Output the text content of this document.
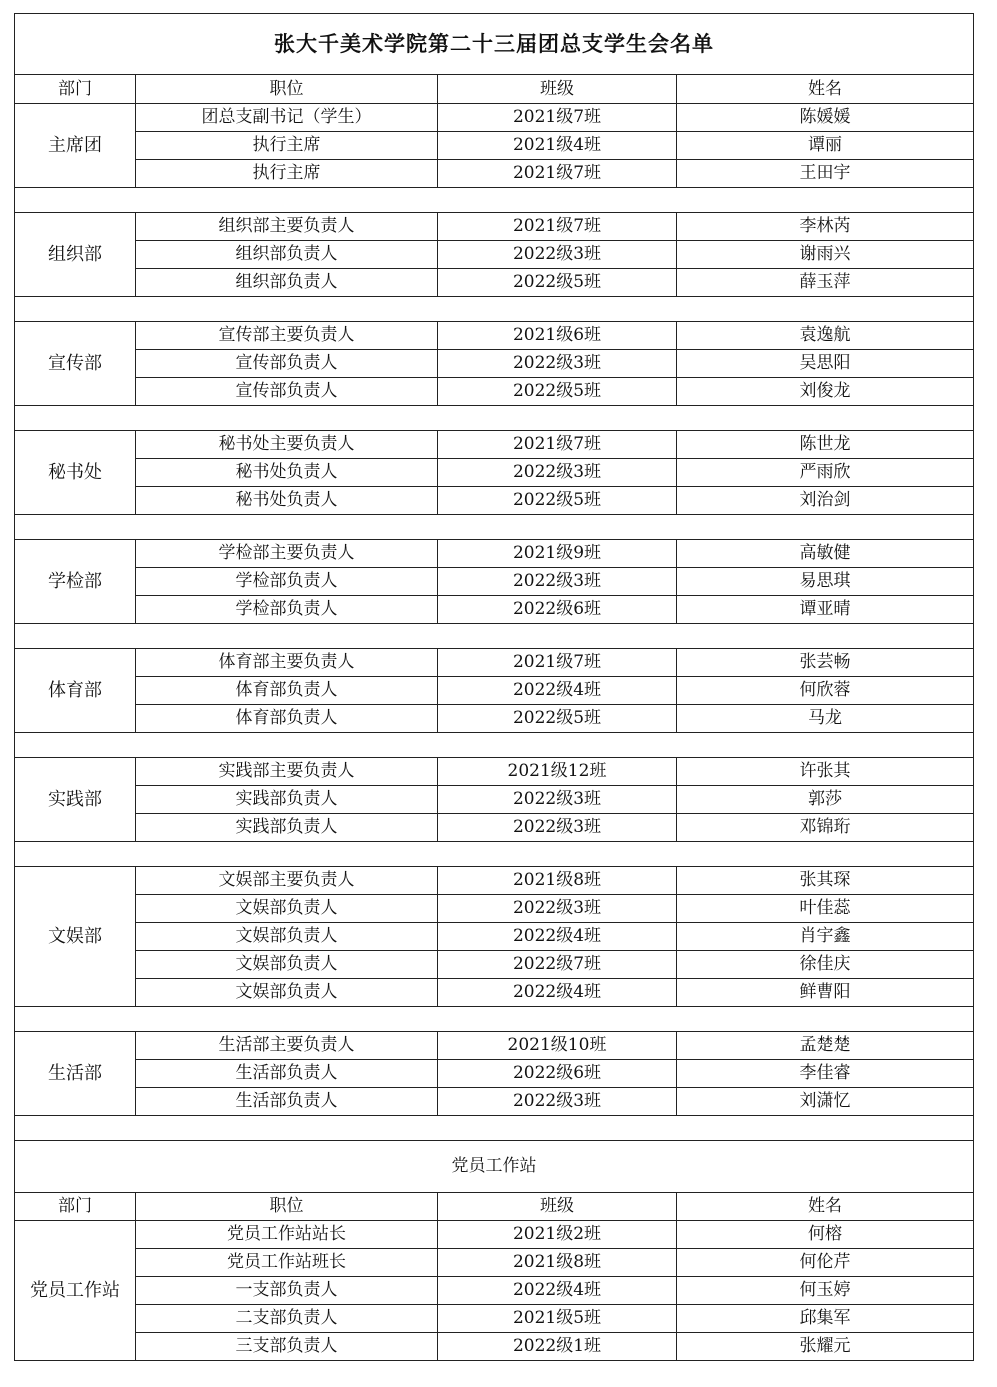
张大千美术学院第二十三届团总支学生会名单			
部门	职位	班级	姓名
主席团	团总支副书记（学生）	2021级7班	陈媛媛
	执行主席	2021级4班	谭丽
	执行主席	2021级7班	王田宇

组织部	组织部主要负责人	2021级7班	李林芮
	组织部负责人	2022级3班	谢雨兴
	组织部负责人	2022级5班	薛玉萍

宣传部	宣传部主要负责人	2021级6班	袁逸航
	宣传部负责人	2022级3班	吴思阳
	宣传部负责人	2022级5班	刘俊龙

秘书处	秘书处主要负责人	2021级7班	陈世龙
	秘书处负责人	2022级3班	严雨欣
	秘书处负责人	2022级5班	刘治剑

学检部	学检部主要负责人	2021级9班	高敏健
	学检部负责人	2022级3班	易思琪
	学检部负责人	2022级6班	谭亚晴

体育部	体育部主要负责人	2021级7班	张芸畅
	体育部负责人	2022级4班	何欣蓉
	体育部负责人	2022级5班	马龙

实践部	实践部主要负责人	2021级12班	许张其
	实践部负责人	2022级3班	郭莎
	实践部负责人	2022级3班	邓锦珩

文娱部	文娱部主要负责人	2021级8班	张其琛
	文娱部负责人	2022级3班	叶佳蕊
	文娱部负责人	2022级4班	肖宇鑫
	文娱部负责人	2022级7班	徐佳庆
	文娱部负责人	2022级4班	鲜曹阳

生活部	生活部主要负责人	2021级10班	孟楚楚
	生活部负责人	2022级6班	李佳睿
	生活部负责人	2022级3班	刘潇忆

党员工作站			
部门	职位	班级	姓名
党员工作站	党员工作站站长	2021级2班	何榕
	党员工作站班长	2021级8班	何伦芹
	一支部负责人	2022级4班	何玉婷
	二支部负责人	2021级5班	邱集军
	三支部负责人	2022级1班	张耀元
